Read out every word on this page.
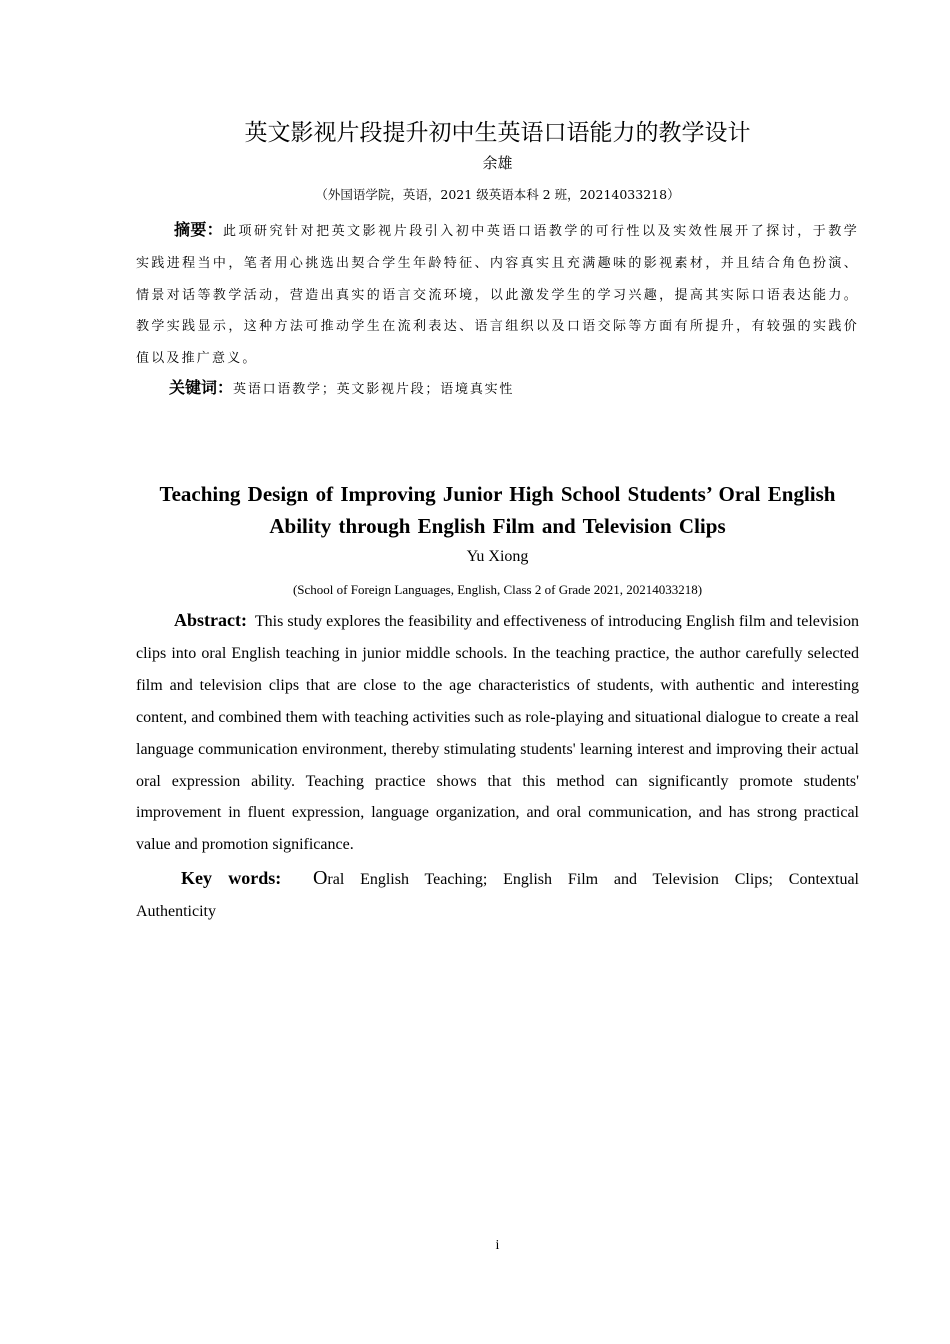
英文影视片段提升初中生英语口语能力的教学设计
余雄
（外国语学院，英语，2021 级英语本科 2 班，20214033218）

摘要：此项研究针对把英文影视片段引入初中英语口语教学的可行性以及实效性展开了探讨，于教学实践进程当中，笔者用心挑选出契合学生年龄特征、内容真实且充满趣味的影视素材，并且结合角色扮演、情景对话等教学活动，营造出真实的语言交流环境，以此激发学生的学习兴趣，提高其实际口语表达能力。教学实践显示，这种方法可推动学生在流利表达、语言组织以及口语交际等方面有所提升，有较强的实践价值以及推广意义。

关键词：英语口语教学；英文影视片段；语境真实性

Teaching Design of Improving Junior High School Students’ Oral English Ability through English Film and Television Clips
Yu Xiong
(School of Foreign Languages, English, Class 2 of Grade 2021, 20214033218)

Abstract: This study explores the feasibility and effectiveness of introducing English film and television clips into oral English teaching in junior middle schools. In the teaching practice, the author carefully selected film and television clips that are close to the age characteristics of students, with authentic and interesting content, and combined them with teaching activities such as role-playing and situational dialogue to create a real language communication environment, thereby stimulating students' learning interest and improving their actual oral expression ability. Teaching practice shows that this method can significantly promote students' improvement in fluent expression, language organization, and oral communication, and has strong practical value and promotion significance.

Key words: Oral English Teaching; English Film and Television Clips; Contextual Authenticity

i
